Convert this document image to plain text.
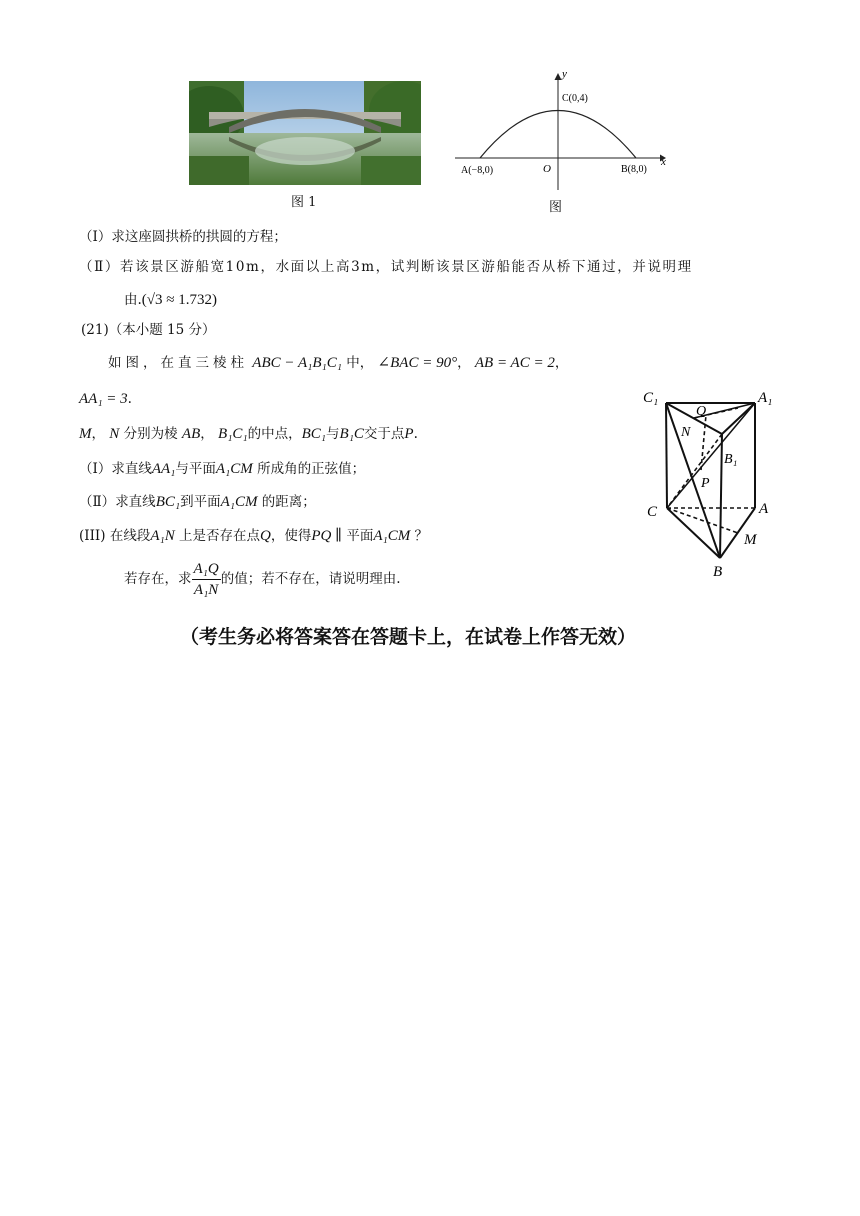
图 1
x
y
O
A(−8,0)	B(8,0)
C(0,4)
图
（Ⅰ）求这座圆拱桥的拱圆的方程；
（Ⅱ）若该景区游船宽10m，水面以上高3m，试判断该景区游船能否从桥下通过，并说明理
由.(√3 ≈ 1.732)
(21)（本小题 15 分）
如图，在直三棱柱 ABC − A₁B₁C₁ 中， ∠BAC = 90°， AB = AC = 2，
AA₁ = 3.
M， N 分别为棱 AB， B₁C₁的中点，BC₁与B₁C交于点P.
（Ⅰ）求直线AA₁与平面A₁CM 所成角的正弦值；
（Ⅱ）求直线BC₁到平面A₁CM 的距离；
(III) 在线段A₁N 上是否存在点Q，使得PQ ∥ 平面A₁CM ？
若存在，求 $\frac{\text{A₁Q}}{\text{A₁N}}$ 的值；若不存在，请说明理由.
C₁	A₁
Q
N
B₁
P
C	A
M
B
（考生务必将答案答在答题卡上，在试卷上作答无效）
